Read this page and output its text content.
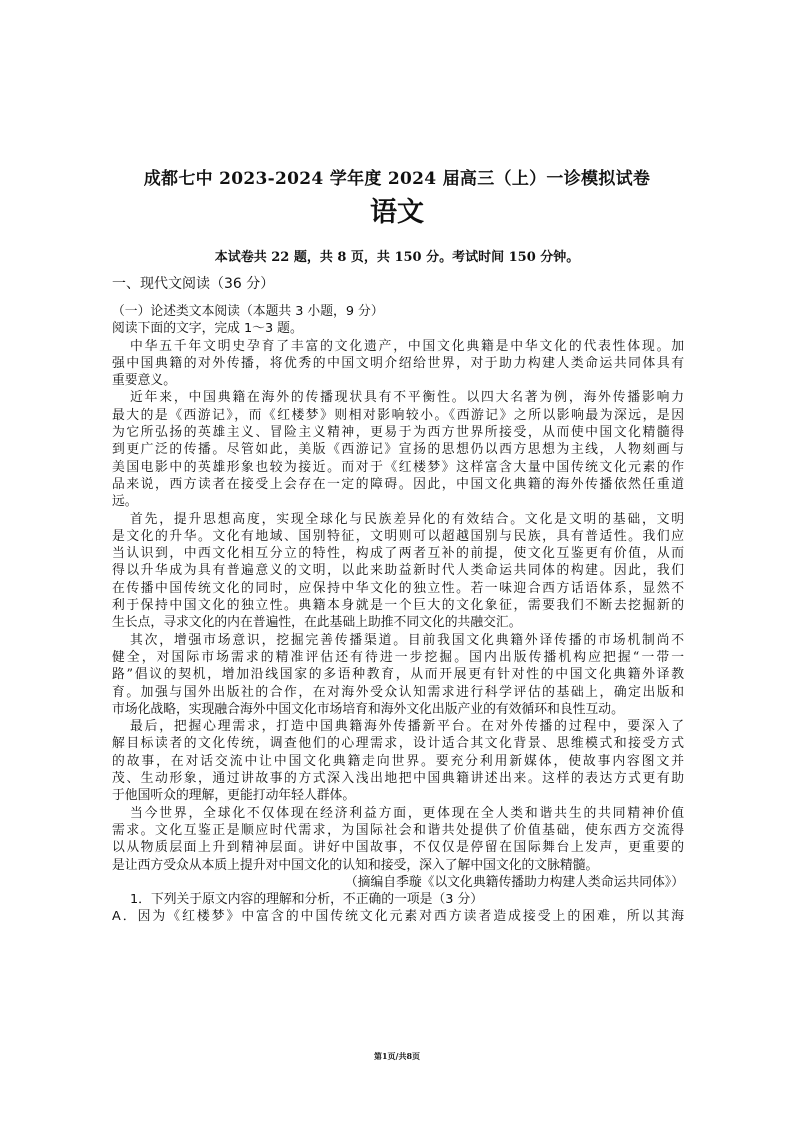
成都七中 2023-2024 学年度 2024 届高三（上）一诊模拟试卷
语文
本试卷共 22 题，共 8 页，共 150 分。考试时间 150 分钟。
一、现代文阅读（36 分）
（一）论述类文本阅读（本题共 3 小题，9 分）
阅读下面的文字，完成 1～3 题。
中华五千年文明史孕育了丰富的文化遗产，中国文化典籍是中华文化的代表性体现。加
强中国典籍的对外传播，将优秀的中国文明介绍给世界，对于助力构建人类命运共同体具有
重要意义。
近年来，中国典籍在海外的传播现状具有不平衡性。以四大名著为例，海外传播影响力
最大的是《西游记》，而《红楼梦》则相对影响较小。《西游记》之所以影响最为深远，是因
为它所弘扬的英雄主义、冒险主义精神，更易于为西方世界所接受，从而使中国文化精髓得
到更广泛的传播。尽管如此，美版《西游记》宣扬的思想仍以西方思想为主线，人物刻画与
美国电影中的英雄形象也较为接近。而对于《红楼梦》这样富含大量中国传统文化元素的作
品来说，西方读者在接受上会存在一定的障碍。因此，中国文化典籍的海外传播依然任重道
远。
首先，提升思想高度，实现全球化与民族差异化的有效结合。文化是文明的基础，文明
是文化的升华。文化有地域、国别特征，文明则可以超越国别与民族，具有普适性。我们应
当认识到，中西文化相互分立的特性，构成了两者互补的前提，使文化互鉴更有价值，从而
得以升华成为具有普遍意义的文明，以此来助益新时代人类命运共同体的构建。因此，我们
在传播中国传统文化的同时，应保持中华文化的独立性。若一味迎合西方话语体系，显然不
利于保持中国文化的独立性。典籍本身就是一个巨大的文化象征，需要我们不断去挖掘新的
生长点，寻求文化的内在普遍性，在此基础上助推不同文化的共融交汇。
其次，增强市场意识，挖掘完善传播渠道。目前我国文化典籍外译传播的市场机制尚不
健全，对国际市场需求的精准评估还有待进一步挖掘。国内出版传播机构应把握“一带一
路”倡议的契机，增加沿线国家的多语种教育，从而开展更有针对性的中国文化典籍外译教
育。加强与国外出版社的合作，在对海外受众认知需求进行科学评估的基础上，确定出版和
市场化战略，实现融合海外中国文化市场培育和海外文化出版产业的有效循环和良性互动。
最后，把握心理需求，打造中国典籍海外传播新平台。在对外传播的过程中，要深入了
解目标读者的文化传统，调查他们的心理需求，设计适合其文化背景、思维模式和接受方式
的故事，在对话交流中让中国文化典籍走向世界。要充分利用新媒体，使故事内容图文并
茂、生动形象，通过讲故事的方式深入浅出地把中国典籍讲述出来。这样的表达方式更有助
于他国听众的理解，更能打动年轻人群体。
当今世界，全球化不仅体现在经济利益方面，更体现在全人类和谐共生的共同精神价值
需求。文化互鉴正是顺应时代需求，为国际社会和谐共处提供了价值基础，使东西方交流得
以从物质层面上升到精神层面。讲好中国故事，不仅仅是停留在国际舞台上发声，更重要的
是让西方受众从本质上提升对中国文化的认知和接受，深入了解中国文化的文脉精髓。
（摘编自季璇《以文化典籍传播助力构建人类命运共同体》）
1．下列关于原文内容的理解和分析，不正确的一项是（3 分）
A．因为《红楼梦》中富含的中国传统文化元素对西方读者造成接受上的困难，所以其海
第1页/共8页
